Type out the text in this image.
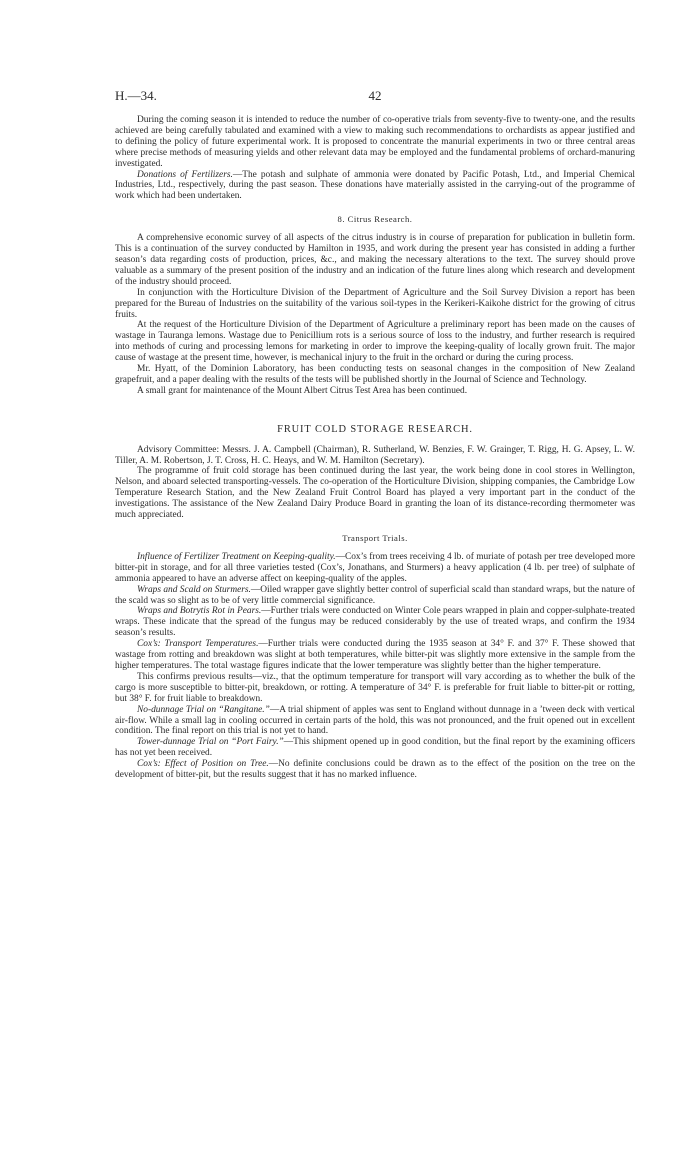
H.—34.	42

During the coming season it is intended to reduce the number of co-operative trials from seventy-five to twenty-one, and the results achieved are being carefully tabulated and examined with a view to making such recommendations to orchardists as appear justified and to defining the policy of future experimental work. It is proposed to concentrate the manurial experiments in two or three central areas where precise methods of measuring yields and other relevant data may be employed and the fundamental problems of orchard-manuring investigated.

Donations of Fertilizers.—The potash and sulphate of ammonia were donated by Pacific Potash, Ltd., and Imperial Chemical Industries, Ltd., respectively, during the past season. These donations have materially assisted in the carrying-out of the programme of work which had been undertaken.

8. Citrus Research.

A comprehensive economic survey of all aspects of the citrus industry is in course of preparation for publication in bulletin form. This is a continuation of the survey conducted by Hamilton in 1935, and work during the present year has consisted in adding a further season’s data regarding costs of production, prices, &c., and making the necessary alterations to the text. The survey should prove valuable as a summary of the present position of the industry and an indication of the future lines along which research and development of the industry should proceed.

In conjunction with the Horticulture Division of the Department of Agriculture and the Soil Survey Division a report has been prepared for the Bureau of Industries on the suitability of the various soil-types in the Kerikeri-Kaikohe district for the growing of citrus fruits.

At the request of the Horticulture Division of the Department of Agriculture a preliminary report has been made on the causes of wastage in Tauranga lemons. Wastage due to Penicillium rots is a serious source of loss to the industry, and further research is required into methods of curing and processing lemons for marketing in order to improve the keeping-quality of locally grown fruit. The major cause of wastage at the present time, however, is mechanical injury to the fruit in the orchard or during the curing process.

Mr. Hyatt, of the Dominion Laboratory, has been conducting tests on seasonal changes in the composition of New Zealand grapefruit, and a paper dealing with the results of the tests will be published shortly in the Journal of Science and Technology.

A small grant for maintenance of the Mount Albert Citrus Test Area has been continued.

FRUIT COLD STORAGE RESEARCH.

Advisory Committee: Messrs. J. A. Campbell (Chairman), R. Sutherland, W. Benzies, F. W. Grainger, T. Rigg, H. G. Apsey, L. W. Tiller, A. M. Robertson, J. T. Cross, H. C. Heays, and W. M. Hamilton (Secretary).

The programme of fruit cold storage has been continued during the last year, the work being done in cool stores in Wellington, Nelson, and aboard selected transporting-vessels. The co-operation of the Horticulture Division, shipping companies, the Cambridge Low Temperature Research Station, and the New Zealand Fruit Control Board has played a very important part in the conduct of the investigations. The assistance of the New Zealand Dairy Produce Board in granting the loan of its distance-recording thermometer was much appreciated.

Transport Trials.

Influence of Fertilizer Treatment on Keeping-quality.—Cox’s from trees receiving 4 lb. of muriate of potash per tree developed more bitter-pit in storage, and for all three varieties tested (Cox’s, Jonathans, and Sturmers) a heavy application (4 lb. per tree) of sulphate of ammonia appeared to have an adverse affect on keeping-quality of the apples.

Wraps and Scald on Sturmers.—Oiled wrapper gave slightly better control of superficial scald than standard wraps, but the nature of the scald was so slight as to be of very little commercial significance.

Wraps and Botrytis Rot in Pears.—Further trials were conducted on Winter Cole pears wrapped in plain and copper-sulphate-treated wraps. These indicate that the spread of the fungus may be reduced considerably by the use of treated wraps, and confirm the 1934 season’s results.

Cox’s: Transport Temperatures.—Further trials were conducted during the 1935 season at 34° F. and 37° F. These showed that wastage from rotting and breakdown was slight at both temperatures, while bitter-pit was slightly more extensive in the sample from the higher temperatures. The total wastage figures indicate that the lower temperature was slightly better than the higher temperature.

This confirms previous results—viz., that the optimum temperature for transport will vary according as to whether the bulk of the cargo is more susceptible to bitter-pit, breakdown, or rotting. A temperature of 34° F. is preferable for fruit liable to bitter-pit or rotting, but 38° F. for fruit liable to breakdown.

No-dunnage Trial on “Rangitane.”—A trial shipment of apples was sent to England without dunnage in a ’tween deck with vertical air-flow. While a small lag in cooling occurred in certain parts of the hold, this was not pronounced, and the fruit opened out in excellent condition. The final report on this trial is not yet to hand.

Tower-dunnage Trial on “Port Fairy.”—This shipment opened up in good condition, but the final report by the examining officers has not yet been received.

Cox’s: Effect of Position on Tree.—No definite conclusions could be drawn as to the effect of the position on the tree on the development of bitter-pit, but the results suggest that it has no marked influence.
